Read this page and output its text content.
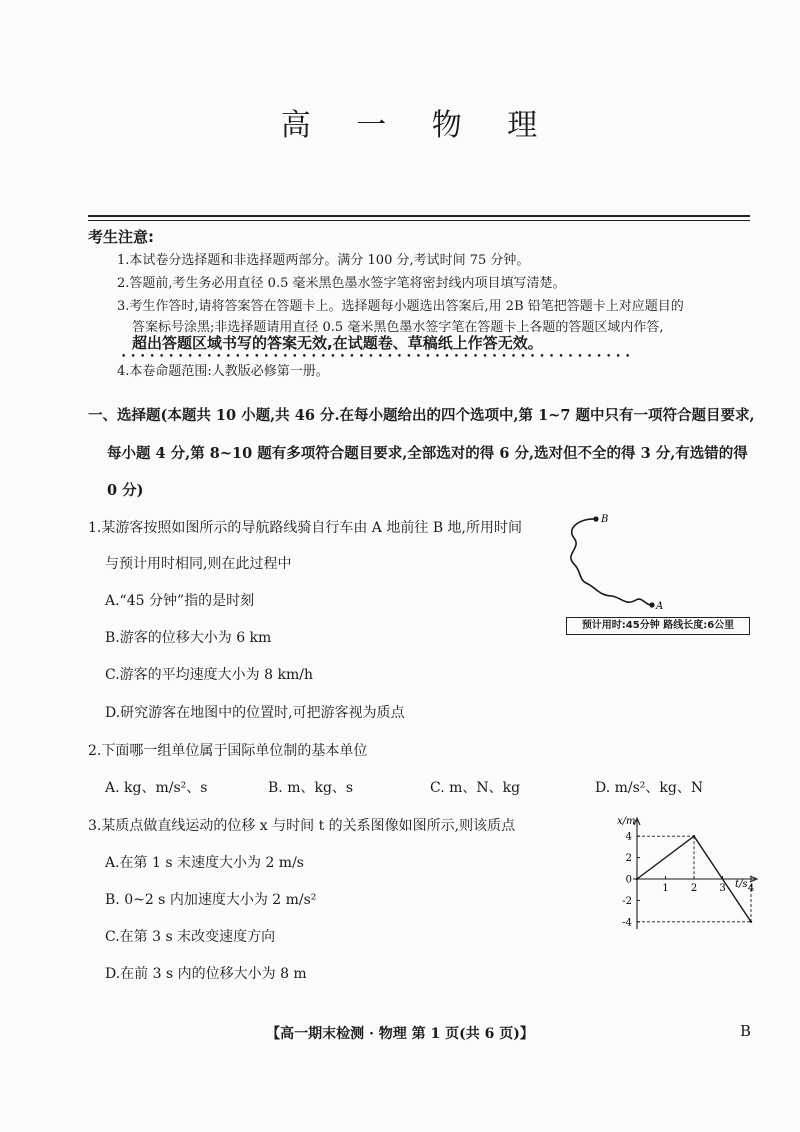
高 一 物 理
考生注意:
1.本试卷分选择题和非选择题两部分。满分 100 分,考试时间 75 分钟。
2.答题前,考生务必用直径 0.5 毫米黑色墨水签字笔将密封线内项目填写清楚。
3.考生作答时,请将答案答在答题卡上。选择题每小题选出答案后,用 2B 铅笔把答题卡上对应题目的
答案标号涂黑;非选择题请用直径 0.5 毫米黑色墨水签字笔在答题卡上各题的答题区域内作答,
超出答题区域书写的答案无效,在试题卷、草稿纸上作答无效。
••••••••••••••••••••••••••••••••••••••••••••••••••••••
4.本卷命题范围:人教版必修第一册。
一、选择题(本题共 10 小题,共 46 分.在每小题给出的四个选项中,第 1~7 题中只有一项符合题目要求,
每小题 4 分,第 8~10 题有多项符合题目要求,全部选对的得 6 分,选对但不全的得 3 分,有选错的得
0 分)
1.某游客按照如图所示的导航路线骑自行车由 A 地前往 B 地,所用时间
与预计用时相同,则在此过程中
A.“45 分钟”指的是时刻
B.游客的位移大小为 6 km
C.游客的平均速度大小为 8 km/h
D.研究游客在地图中的位置时,可把游客视为质点
B
A
预计用时:45分钟 路线长度:6公里
2.下面哪一组单位属于国际单位制的基本单位
A. kg、m/s²、s	B. m、kg、s	C. m、N、kg	D. m/s²、kg、N
3.某质点做直线运动的位移 x 与时间 t 的关系图像如图所示,则该质点
A.在第 1 s 末速度大小为 2 m/s
B. 0~2 s 内加速度大小为 2 m/s²
C.在第 3 s 末改变速度方向
D.在前 3 s 内的位移大小为 8 m
4
2
0
-2
-4
1 2 3 4
x/m
t/s
【高一期末检测 · 物理 第 1 页(共 6 页)】	B
